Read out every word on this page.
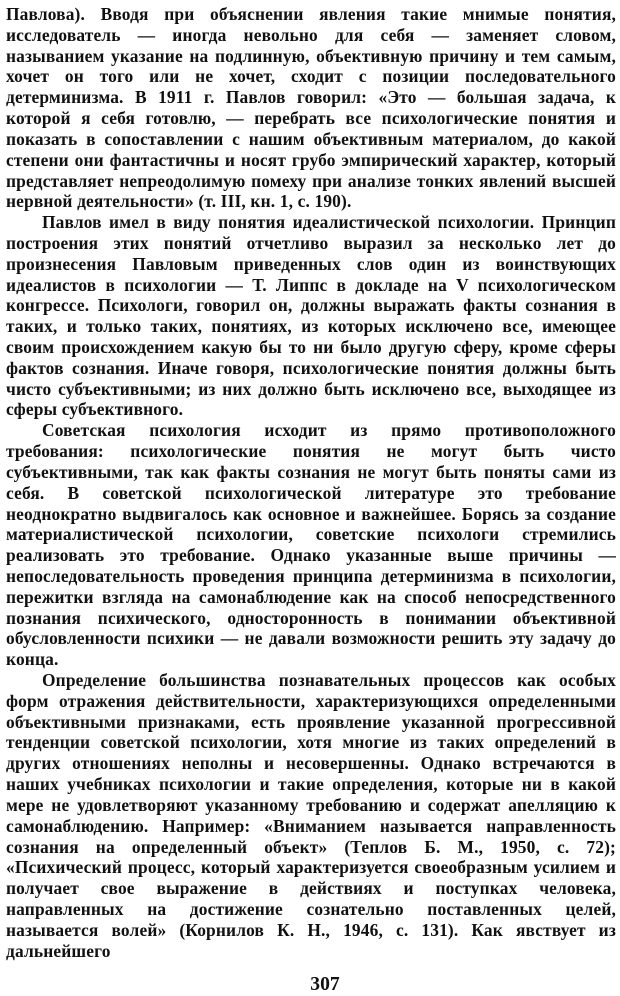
Павлова). Вводя при объяснении явления такие мнимые понятия, исследователь — иногда невольно для себя — заменяет словом, называнием указание на подлинную, объективную причину и тем самым, хочет он того или не хочет, сходит с позиции последовательного детерминизма. В 1911 г. Павлов говорил: «Это — большая задача, к которой я себя готовлю, — перебрать все психологические понятия и показать в сопоставлении с нашим объективным материалом, до какой степени они фантастичны и носят грубо эмпирический характер, который представляет непреодолимую помеху при анализе тонких явлений высшей нервной деятельности» (т. III, кн. 1, с. 190).

Павлов имел в виду понятия идеалистической психологии. Принцип построения этих понятий отчетливо выразил за несколько лет до произнесения Павловым приведенных слов один из воинствующих идеалистов в психологии — Т. Липпс в докладе на V психологическом конгрессе. Психологи, говорил он, должны выражать факты сознания в таких, и только таких, понятиях, из которых исключено все, имеющее своим происхождением какую бы то ни было другую сферу, кроме сферы фактов сознания. Иначе говоря, психологические понятия должны быть чисто субъективными; из них должно быть исключено все, выходящее из сферы субъективного.

Советская психология исходит из прямо противоположного требования: психологические понятия не могут быть чисто субъективными, так как факты сознания не могут быть поняты сами из себя. В советской психологической литературе это требование неоднократно выдвигалось как основное и важнейшее. Борясь за создание материалистической психологии, советские психологи стремились реализовать это требование. Однако указанные выше причины — непоследовательность проведения принципа детерминизма в психологии, пережитки взгляда на самонаблюдение как на способ непосредственного познания психического, односторонность в понимании объективной обусловленности психики — не давали возможности решить эту задачу до конца.

Определение большинства познавательных процессов как особых форм отражения действительности, характеризующихся определенными объективными признаками, есть проявление указанной прогрессивной тенденции советской психологии, хотя многие из таких определений в других отношениях неполны и несовершенны. Однако встречаются в наших учебниках психологии и такие определения, которые ни в какой мере не удовлетворяют указанному требованию и содержат апелляцию к самонаблюдению. Например: «Вниманием называется направленность сознания на определенный объект» (Теплов Б. М., 1950, с. 72); «Психический процесс, который характеризуется своеобразным усилием и получает свое выражение в действиях и поступках человека, направленных на достижение сознательно поставленных целей, называется волей» (Корнилов К. Н., 1946, с. 131). Как явствует из дальнейшего

307
